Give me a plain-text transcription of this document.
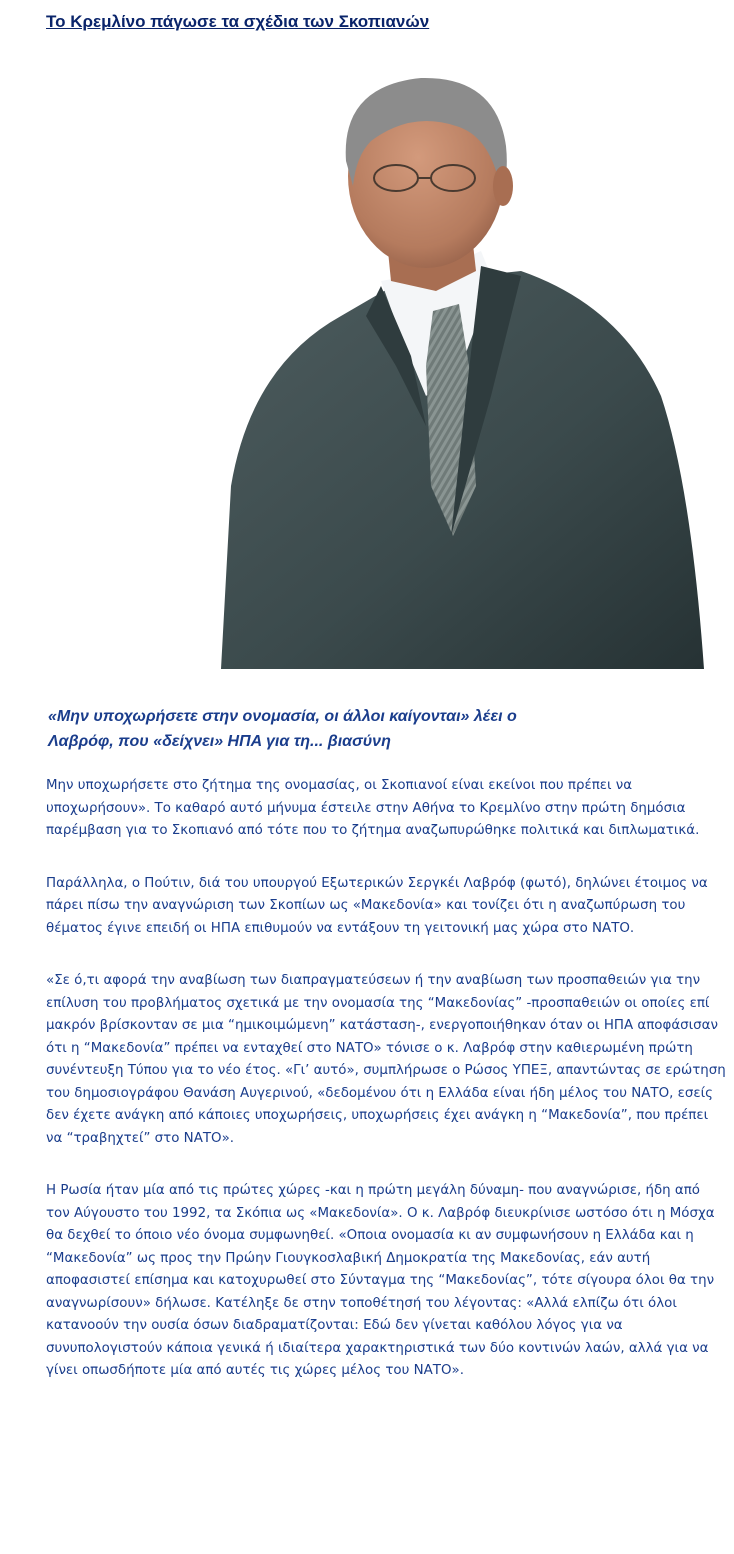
Το Κρεμλίνο πάγωσε τα σχέδια των Σκοπιανών

«Μην υποχωρήσετε στην ονομασία, οι άλλοι καίγονται» λέει ο
Λαβρόφ, που «δείχνει» ΗΠΑ για τη... βιασύνη

Μην υποχωρήσετε στο ζήτημα της ονομασίας, οι Σκοπιανοί είναι εκείνοι που πρέπει να υποχωρήσουν». Το καθαρό αυτό μήνυμα έστειλε στην Αθήνα το Κρεμλίνο στην πρώτη δημόσια παρέμβαση για το Σκοπιανό από τότε που το ζήτημα αναζωπυρώθηκε πολιτικά και διπλωματικά.

Παράλληλα, ο Πούτιν, διά του υπουργού Εξωτερικών Σεργκέι Λαβρόφ (φωτό), δηλώνει έτοιμος να πάρει πίσω την αναγνώριση των Σκοπίων ως «Μακεδονία» και τονίζει ότι η αναζωπύρωση του θέματος έγινε επειδή οι ΗΠΑ επιθυμούν να εντάξουν τη γειτονική μας χώρα στο ΝΑΤΟ.

«Σε ό,τι αφορά την αναβίωση των διαπραγματεύσεων ή την αναβίωση των προσπαθειών για την επίλυση του προβλήματος σχετικά με την ονομασία της “Μακεδονίας” -προσπαθειών οι οποίες επί μακρόν βρίσκονταν σε μια “ημικοιμώμενη” κατάσταση-, ενεργοποιήθηκαν όταν οι ΗΠΑ αποφάσισαν ότι η “Μακεδονία” πρέπει να ενταχθεί στο ΝΑΤΟ» τόνισε ο κ. Λαβρόφ στην καθιερωμένη πρώτη συνέντευξη Τύπου για το νέο έτος. «Γι’ αυτό», συμπλήρωσε ο Ρώσος ΥΠΕΞ, απαντώντας σε ερώτηση του δημοσιογράφου Θανάση Αυγερινού, «δεδομένου ότι η Ελλάδα είναι ήδη μέλος του ΝΑΤΟ, εσείς δεν έχετε ανάγκη από κάποιες υποχωρήσεις, υποχωρήσεις έχει ανάγκη η “Μακεδονία”, που πρέπει να “τραβηχτεί” στο ΝΑΤΟ».

Η Ρωσία ήταν μία από τις πρώτες χώρες -και η πρώτη μεγάλη δύναμη- που αναγνώρισε, ήδη από τον Αύγουστο του 1992, τα Σκόπια ως «Μακεδονία». Ο κ. Λαβρόφ διευκρίνισε ωστόσο ότι η Μόσχα θα δεχθεί το όποιο νέο όνομα συμφωνηθεί. «Οποια ονομασία κι αν συμφωνήσουν η Ελλάδα και η “Μακεδονία” ως προς την Πρώην Γιουγκοσλαβική Δημοκρατία της Μακεδονίας, εάν αυτή αποφασιστεί επίσημα και κατοχυρωθεί στο Σύνταγμα της “Μακεδονίας”, τότε σίγουρα όλοι θα την αναγνωρίσουν» δήλωσε. Κατέληξε δε στην τοποθέτησή του λέγοντας: «Αλλά ελπίζω ότι όλοι κατανοούν την ουσία όσων διαδραματίζονται: Εδώ δεν γίνεται καθόλου λόγος για να συνυπολογιστούν κάποια γενικά ή ιδιαίτερα χαρακτηριστικά των δύο κοντινών λαών, αλλά για να γίνει οπωσδήποτε μία από αυτές τις χώρες μέλος του ΝΑΤΟ».
